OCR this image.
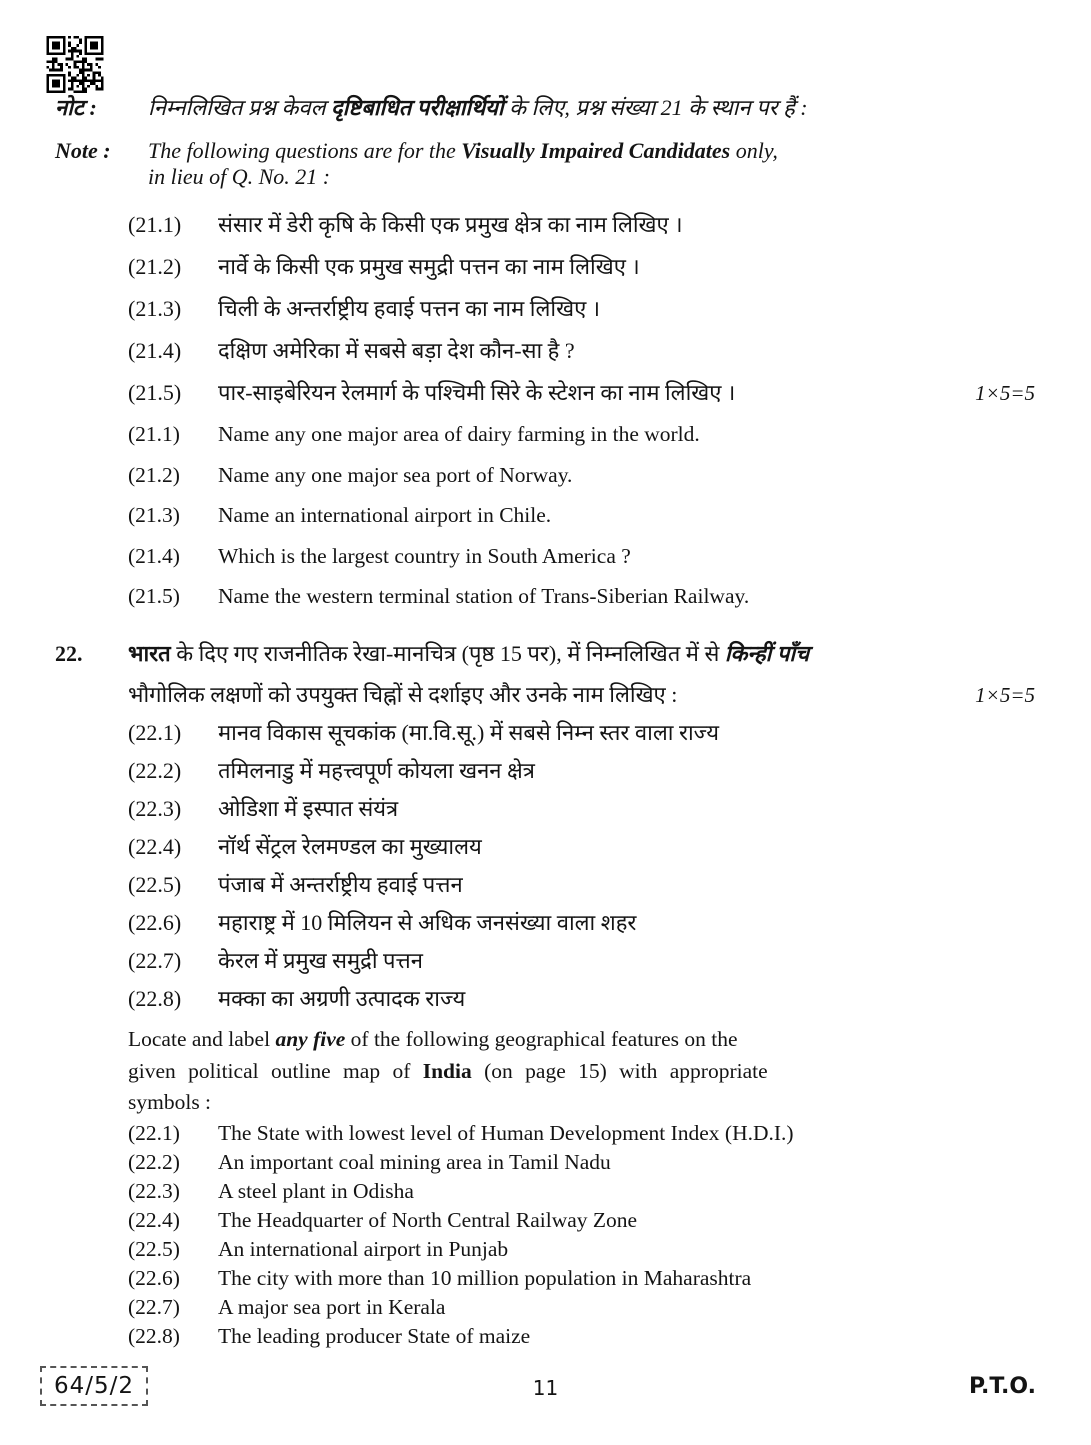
नोट :	निम्नलिखित प्रश्न केवल दृष्टिबाधित परीक्षार्थियों के लिए, प्रश्न संख्या 21 के स्थान पर हैं :
Note :	The following questions are for the Visually Impaired Candidates only,
in lieu of Q. No. 21 :
(21.1)	संसार में डेरी कृषि के किसी एक प्रमुख क्षेत्र का नाम लिखिए ।
(21.2)	नार्वे के किसी एक प्रमुख समुद्री पत्तन का नाम लिखिए ।
(21.3)	चिली के अन्तर्राष्ट्रीय हवाई पत्तन का नाम लिखिए ।
(21.4)	दक्षिण अमेरिका में सबसे बड़ा देश कौन-सा है ?
(21.5)	पार-साइबेरियन रेलमार्ग के पश्चिमी सिरे के स्टेशन का नाम लिखिए ।	1×5=5
(21.1)	Name any one major area of dairy farming in the world.
(21.2)	Name any one major sea port of Norway.
(21.3)	Name an international airport in Chile.
(21.4)	Which is the largest country in South America ?
(21.5)	Name the western terminal station of Trans-Siberian Railway.
22.	भारत के दिए गए राजनीतिक रेखा-मानचित्र (पृष्ठ 15 पर), में निम्नलिखित में से किन्हीं पाँच
भौगोलिक लक्षणों को उपयुक्त चिह्नों से दर्शाइए और उनके नाम लिखिए :	1×5=5
(22.1)	मानव विकास सूचकांक (मा.वि.सू.) में सबसे निम्न स्तर वाला राज्य
(22.2)	तमिलनाडु में महत्त्वपूर्ण कोयला खनन क्षेत्र
(22.3)	ओडिशा में इस्पात संयंत्र
(22.4)	नॉर्थ सेंट्रल रेलमण्डल का मुख्यालय
(22.5)	पंजाब में अन्तर्राष्ट्रीय हवाई पत्तन
(22.6)	महाराष्ट्र में 10 मिलियन से अधिक जनसंख्या वाला शहर
(22.7)	केरल में प्रमुख समुद्री पत्तन
(22.8)	मक्का का अग्रणी उत्पादक राज्य
Locate and label any five of the following geographical features on the
given political outline map of India (on page 15) with appropriate
symbols :
(22.1)	The State with lowest level of Human Development Index (H.D.I.)
(22.2)	An important coal mining area in Tamil Nadu
(22.3)	A steel plant in Odisha
(22.4)	The Headquarter of North Central Railway Zone
(22.5)	An international airport in Punjab
(22.6)	The city with more than 10 million population in Maharashtra
(22.7)	A major sea port in Kerala
(22.8)	The leading producer State of maize
64/5/2	11	P.T.O.
